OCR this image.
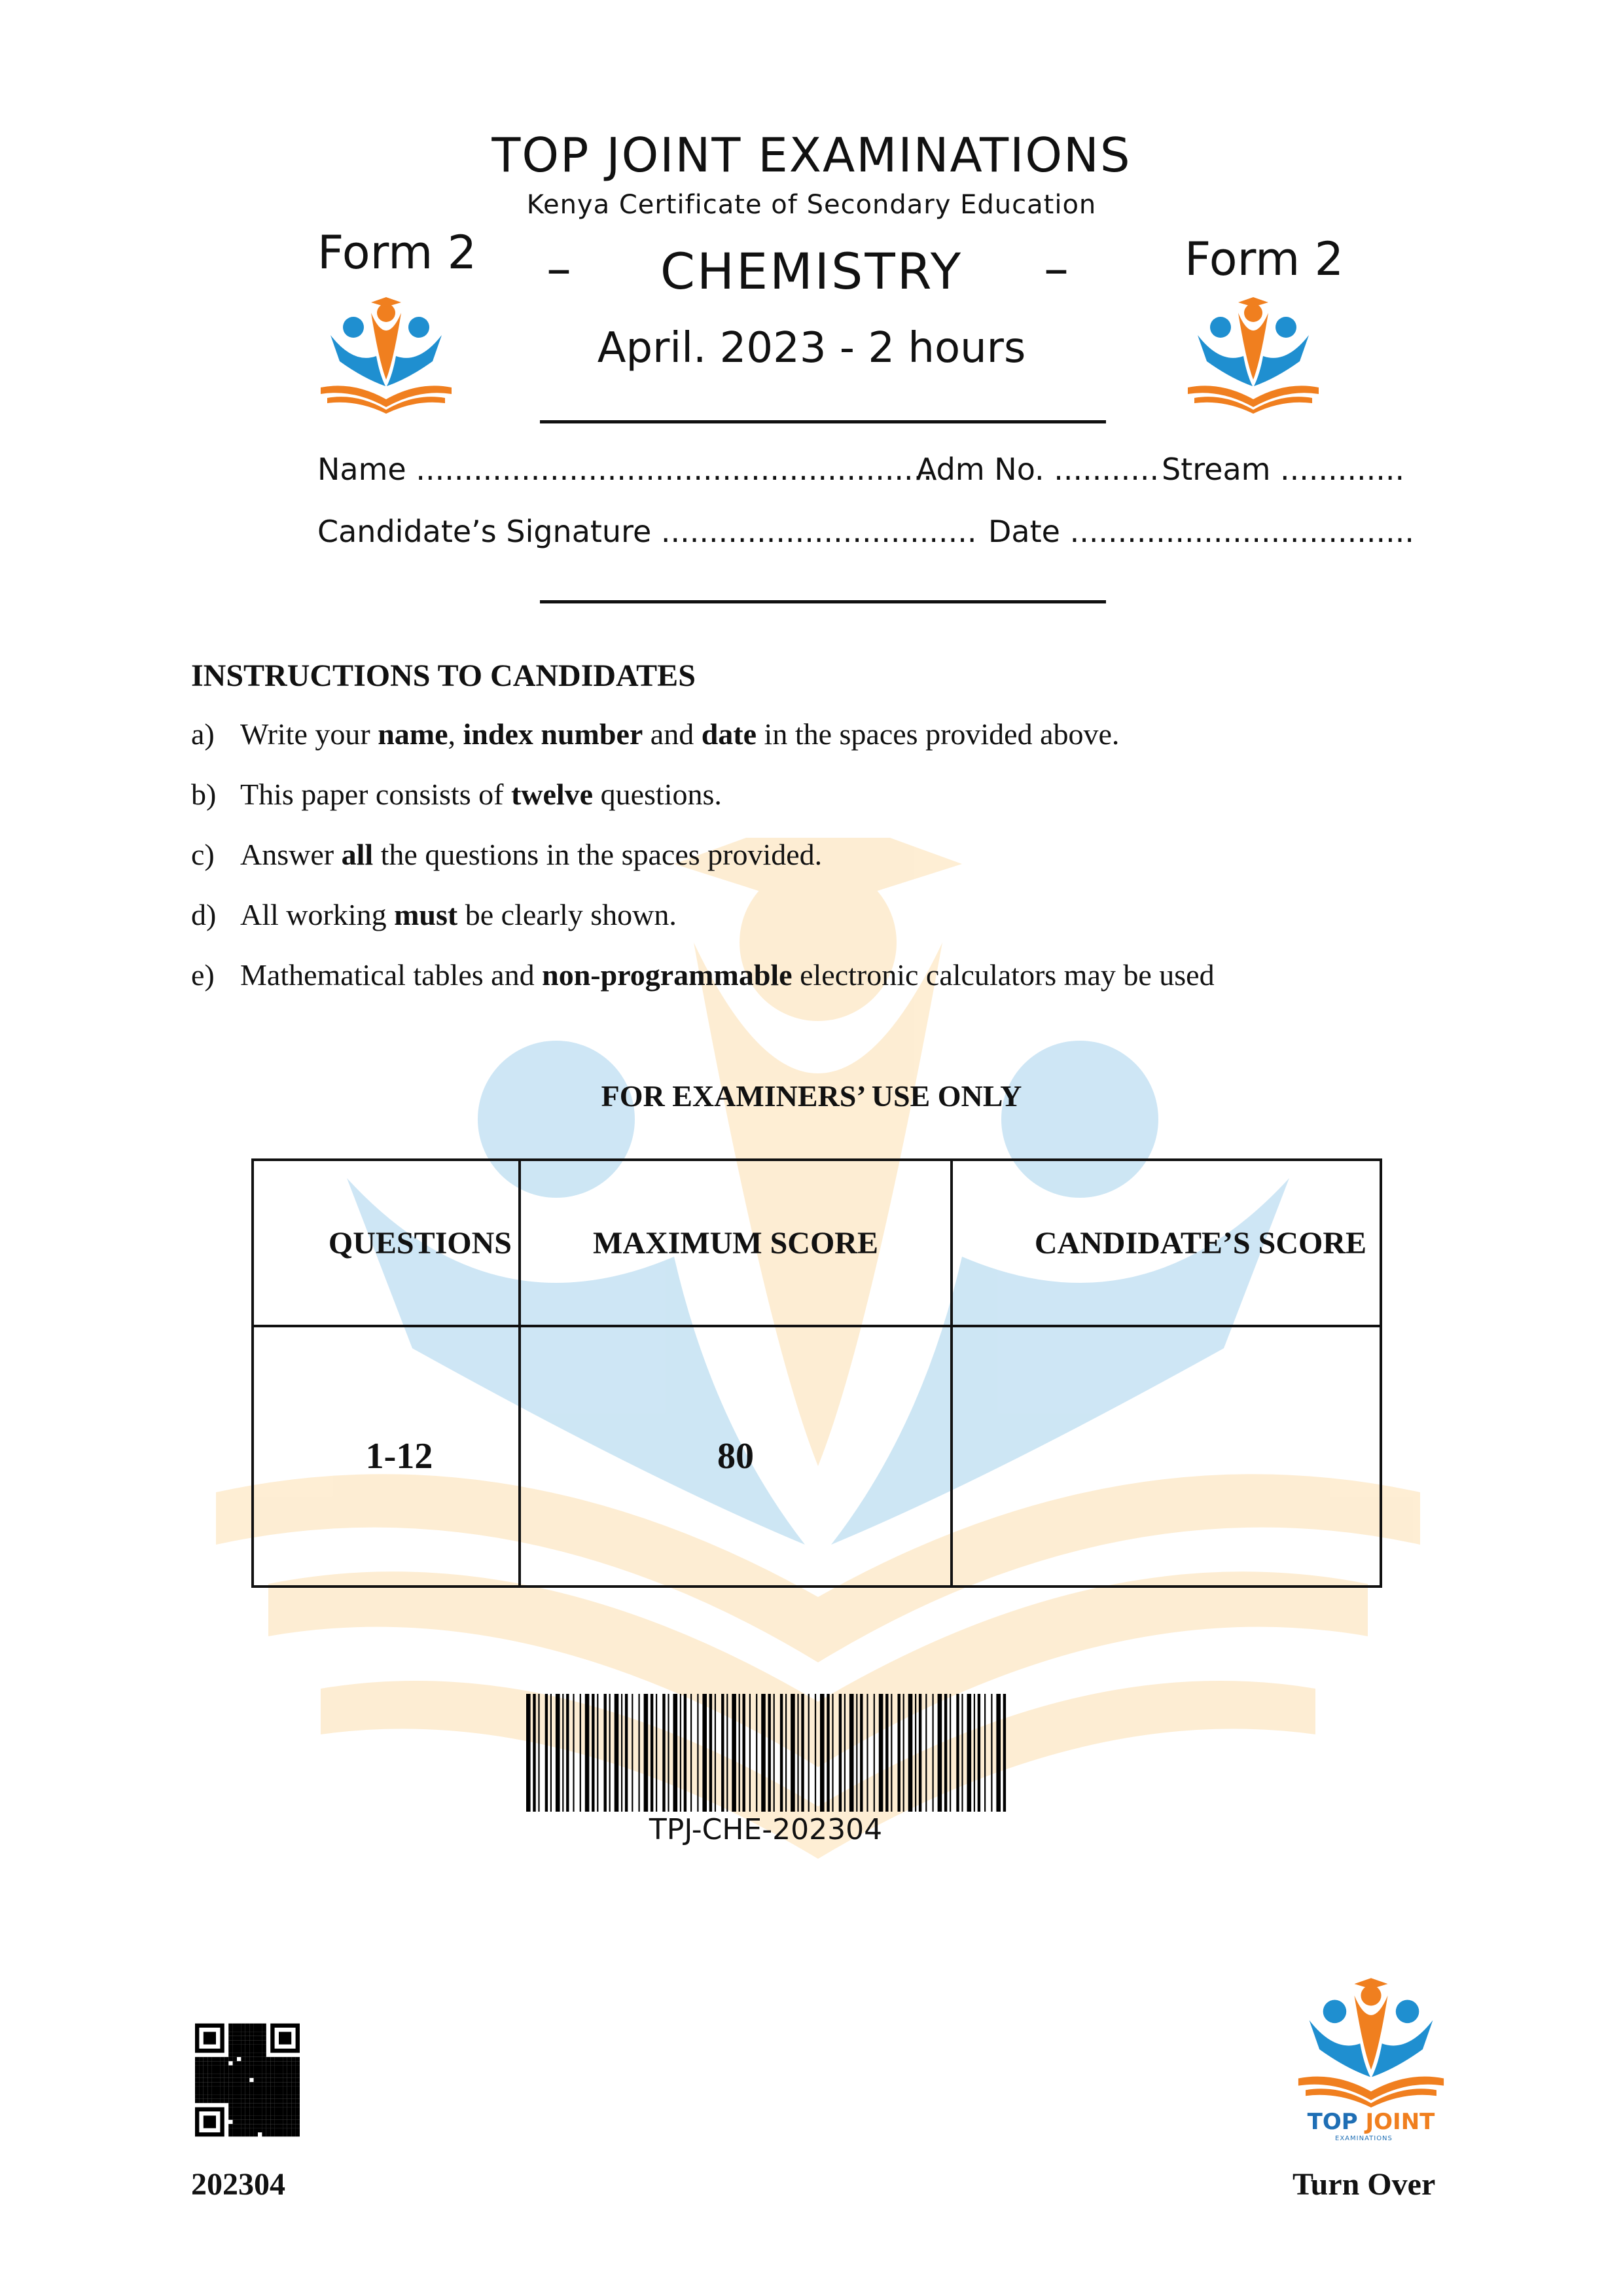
TOP JOINT EXAMINATIONS
Kenya Certificate of Secondary Education
Form 2	Form 2
–	CHEMISTRY	–
April. 2023 - 2 hours
Name ......................................................
Adm No. ........... Stream .............
Candidate’s Signature ................................. Date ....................................
INSTRUCTIONS TO CANDIDATES
a) Write your name, index number and date in the spaces provided above.
b) This paper consists of twelve questions.
c) Answer all the questions in the spaces provided.
d) All working must be clearly shown.
e) Mathematical tables and non-programmable electronic calculators may be used
FOR EXAMINERS’ USE ONLY
QUESTIONS	MAXIMUM SCORE	CANDIDATE’S SCORE
1-12	80	
TPJ-CHE-202304
202304
TOP JOINT
EXAMINATIONS
Turn Over
